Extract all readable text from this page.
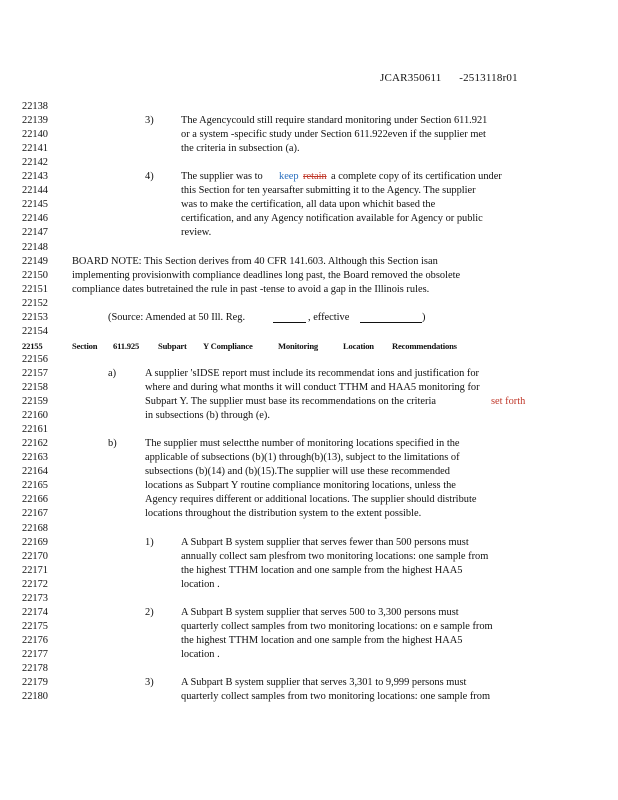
JCAR350611 -2513118r01
22138
22139	3)	The Agencycould still require standard monitoring under Section 611.921
22140	or a system -specific study under Section 611.922even if the supplier met
22141	the criteria in subsection (a).
22142
22143	4)	The supplier was to keep retain a complete copy of its certification under
22144	this Section for ten yearsafter submitting it to the Agency. The supplier
22145	was to make the certification, all data upon whichit based the
22146	certification, and any Agency notification available for Agency or public
22147	review.
22148
22149	BOARD NOTE: This Section derives from 40 CFR 141.603. Although this Section isan
22150	implementing provisionwith compliance deadlines long past, the Board removed the obsolete
22151	compliance dates butretained the rule in past -tense to avoid a gap in the Illinois rules.
22152
22153	(Source: Amended at 50 Ill. Reg.	, effective	)
22154
22155	Section 611.925 Subpart Y Compliance	Monitoring	Location Recommendations
22156
22157	a)	A supplier 'sIDSE report must include its recommendat ions and justification for
22158	where and during what months it will conduct TTHM and HAA5 monitoring for
22159	Subpart Y. The supplier must base its recommendations on the criteria	set forth
22160	in subsections (b) through (e).
22161
22162	b)	The supplier must selectthe number of monitoring locations specified in the
22163	applicable of subsections (b)(1) through(b)(13), subject to the limitations of
22164	subsections (b)(14) and (b)(15).The supplier will use these recommended
22165	locations as Subpart Y routine compliance monitoring locations, unless the
22166	Agency requires different or additional locations. The supplier should distribute
22167	locations throughout the distribution system to the extent possible.
22168
22169	1)	A Subpart B system supplier that serves fewer than 500 persons must
22170	annually collect sam plesfrom two monitoring locations: one sample from
22171	the highest TTHM location and one sample from the highest HAA5
22172	location .
22173
22174	2)	A Subpart B system supplier that serves 500 to 3,300 persons must
22175	quarterly collect samples from two monitoring locations: on e sample from
22176	the highest TTHM location and one sample from the highest HAA5
22177	location .
22178
22179	3)	A Subpart B system supplier that serves 3,301 to 9,999 persons must
22180	quarterly collect samples from two monitoring locations: one sample from
